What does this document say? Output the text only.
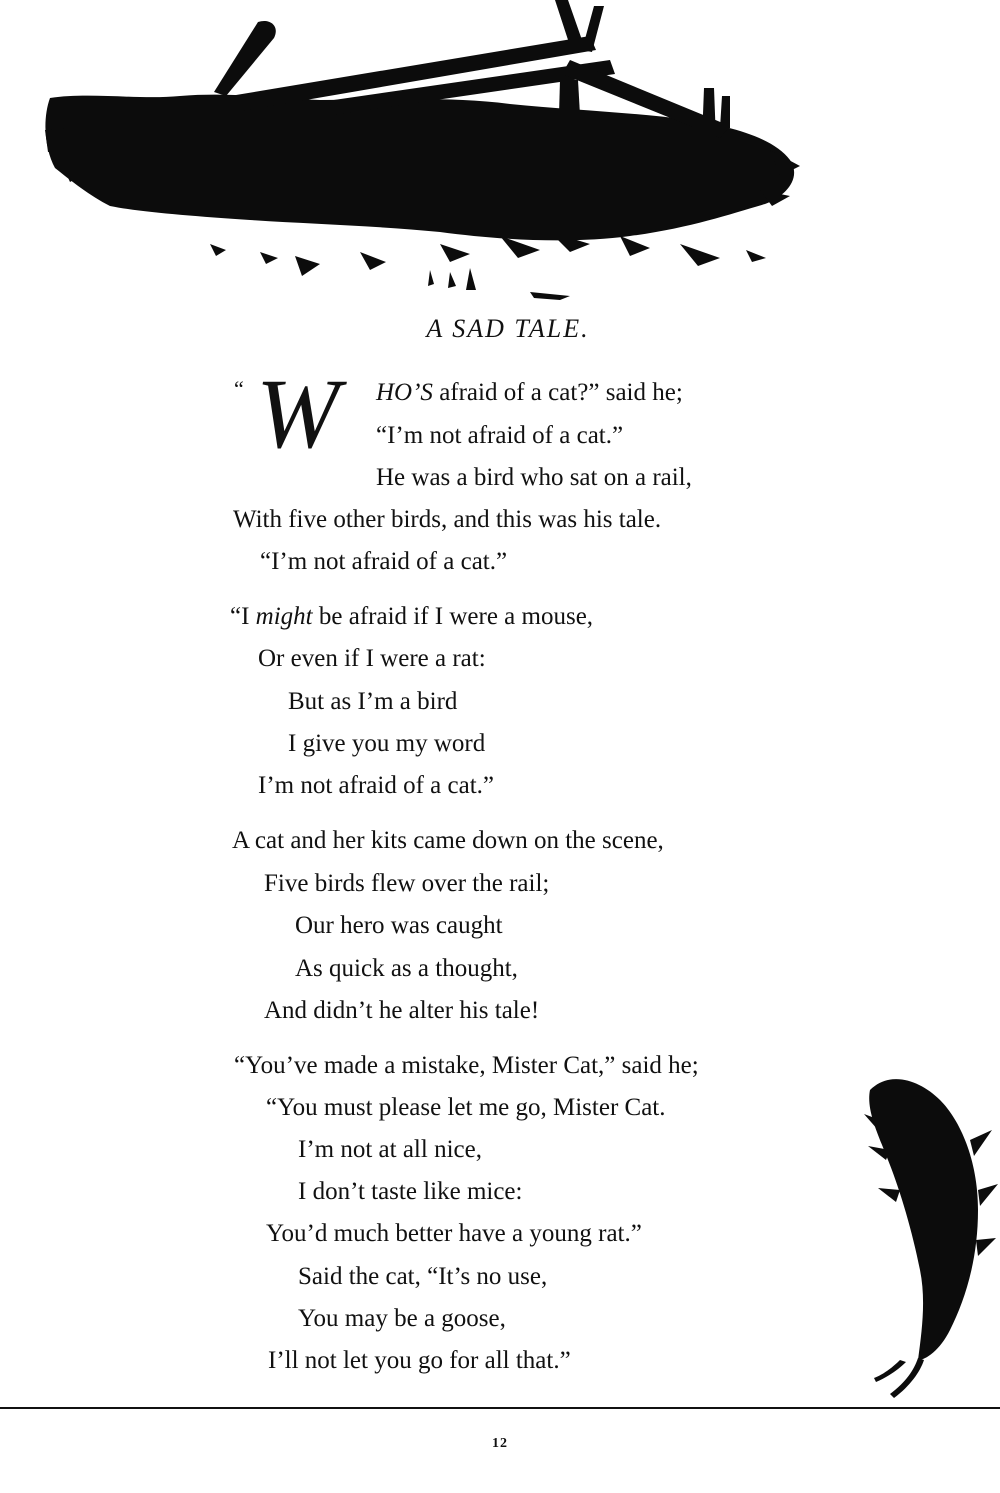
A SAD TALE.
“ W HO’S afraid of a cat?” said he;
“I’m not afraid of a cat.”
He was a bird who sat on a rail,
With five other birds, and this was his tale.
“I’m not afraid of a cat.”
“I might be afraid if I were a mouse,
Or even if I were a rat:
But as I’m a bird
I give you my word
I’m not afraid of a cat.”
A cat and her kits came down on the scene,
Five birds flew over the rail;
Our hero was caught
As quick as a thought,
And didn’t he alter his tale!
“You’ve made a mistake, Mister Cat,” said he;
“You must please let me go, Mister Cat.
I’m not at all nice,
I don’t taste like mice:
You’d much better have a young rat.”
Said the cat, “It’s no use,
You may be a goose,
I’ll not let you go for all that.”
12
